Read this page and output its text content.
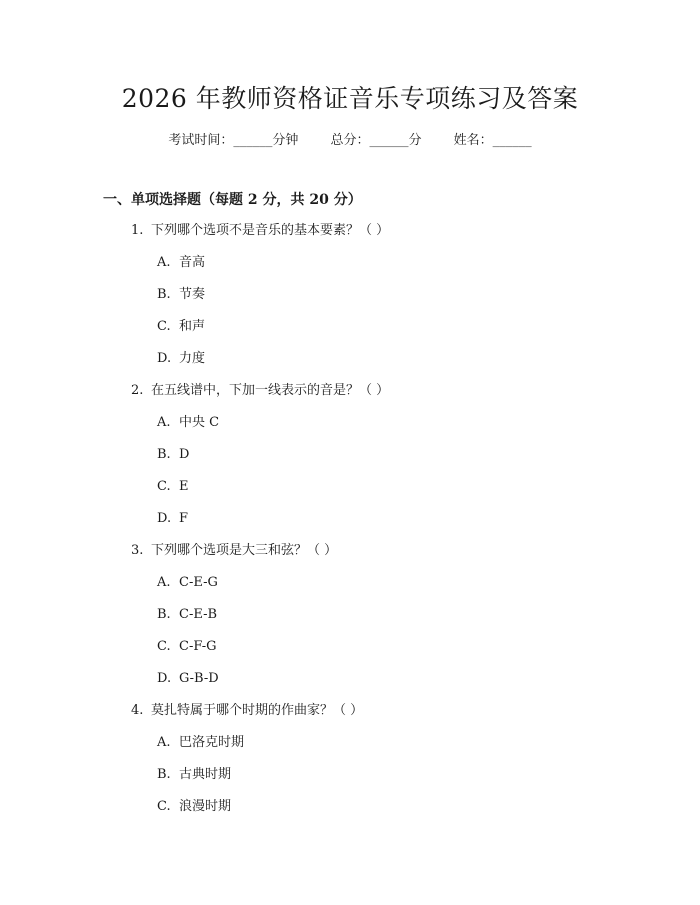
2026 年教师资格证音乐专项练习及答案
考试时间：______分钟 总分：______分 姓名：______
一、单项选择题（每题 2 分，共 20 分）
1. 下列哪个选项不是音乐的基本要素？（ ）
A. 音高
B. 节奏
C. 和声
D. 力度
2. 在五线谱中，下加一线表示的音是？（ ）
A. 中央 C
B. D
C. E
D. F
3. 下列哪个选项是大三和弦？（ ）
A. C-E-G
B. C-E-B
C. C-F-G
D. G-B-D
4. 莫扎特属于哪个时期的作曲家？（ ）
A. 巴洛克时期
B. 古典时期
C. 浪漫时期
